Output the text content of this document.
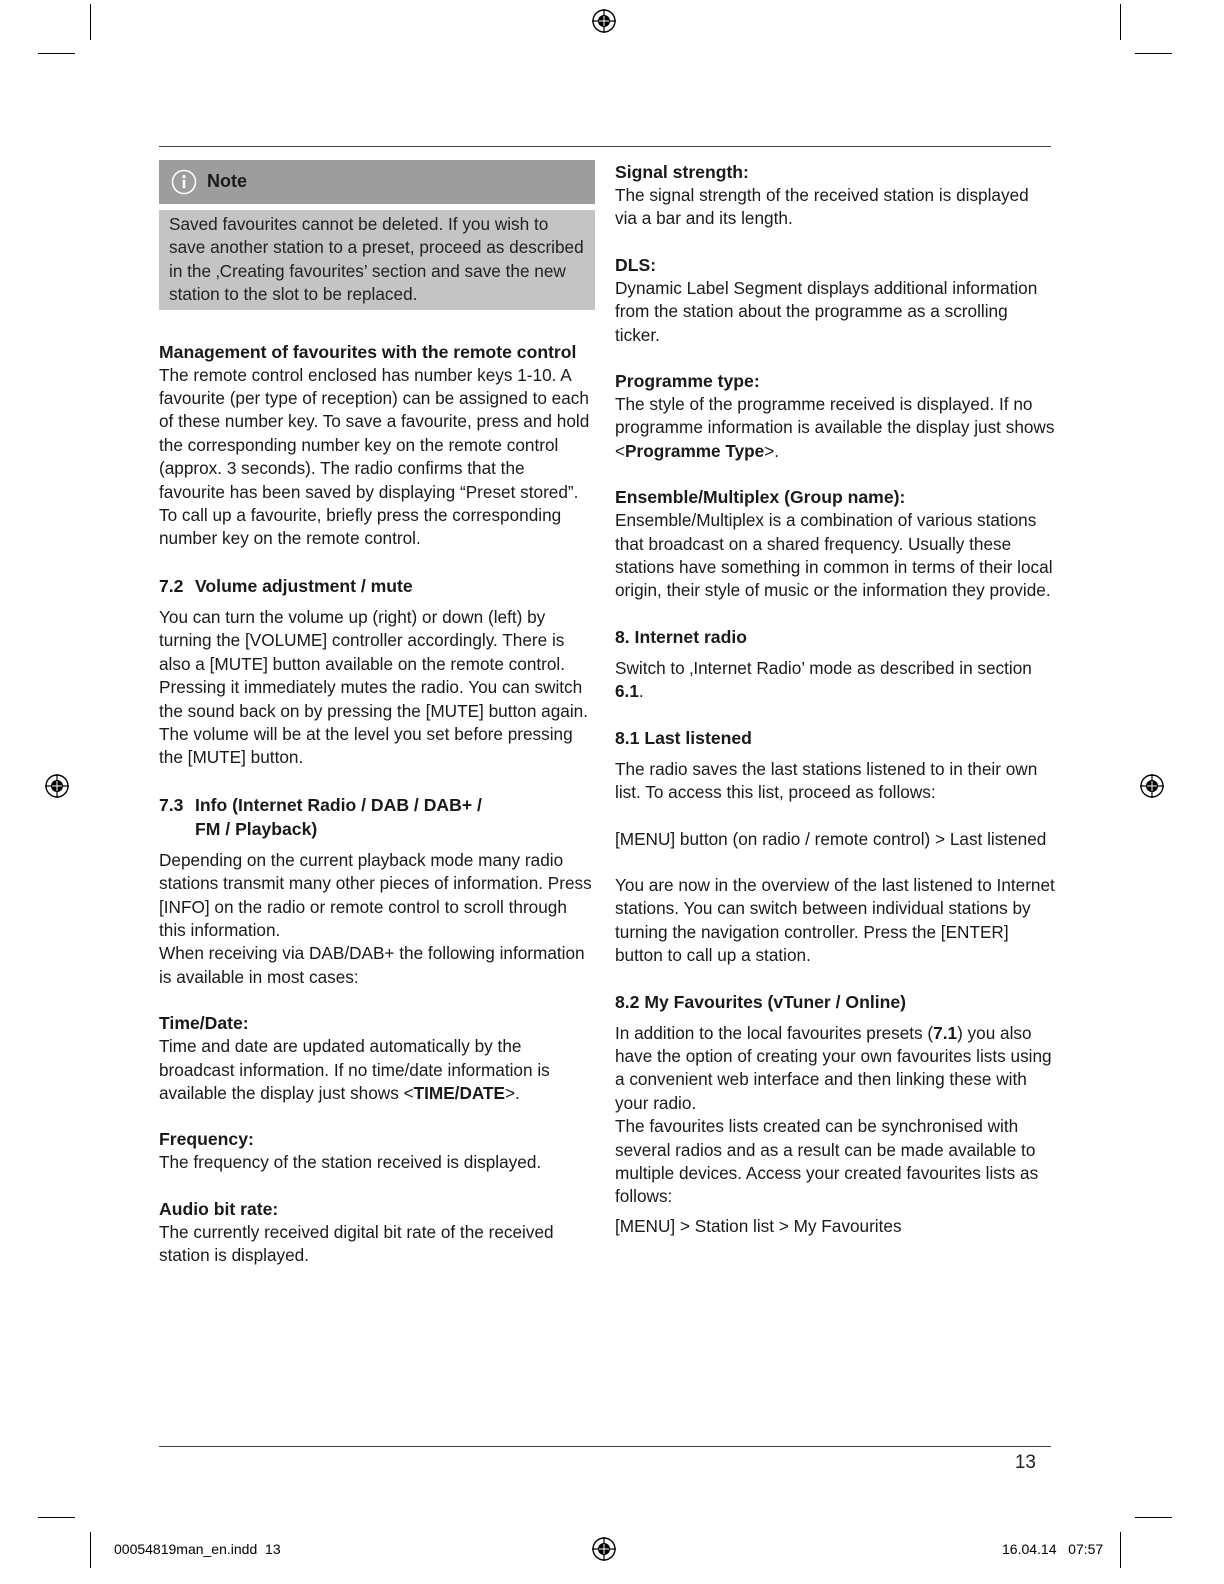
Note
Saved favourites cannot be deleted. If you wish to save another station to a preset, proceed as described in the ‚Creating favourites’ section and save the new station to the slot to be replaced.
Management of favourites with the remote control

The remote control enclosed has number keys 1-10. A favourite (per type of reception) can be assigned to each of these number key. To save a favourite, press and hold the corresponding number key on the remote control (approx. 3 seconds). The radio confirms that the favourite has been saved by displaying “Preset stored”. To call up a favourite, briefly press the corresponding number key on the remote control.

7.2 Volume adjustment / mute

You can turn the volume up (right) or down (left) by turning the [VOLUME] controller accordingly. There is also a [MUTE] button available on the remote control. Pressing it immediately mutes the radio. You can switch the sound back on by pressing the [MUTE] button again. The volume will be at the level you set before pressing the [MUTE] button.

7.3 Info (Internet Radio / DAB / DAB+ / FM / Playback)

Depending on the current playback mode many radio stations transmit many other pieces of information. Press [INFO] on the radio or remote control to scroll through this information.

When receiving via DAB/DAB+ the following information is available in most cases:

Time/Date:

Time and date are updated automatically by the broadcast information. If no time/date information is available the display just shows <TIME/DATE>.

Frequency:

The frequency of the station received is displayed.

Audio bit rate:

The currently received digital bit rate of the received station is displayed.

Signal strength:

The signal strength of the received station is displayed via a bar and its length.

DLS:

Dynamic Label Segment displays additional information from the station about the programme as a scrolling ticker.

Programme type:

The style of the programme received is displayed. If no programme information is available the display just shows <Programme Type>.

Ensemble/Multiplex (Group name):

Ensemble/Multiplex is a combination of various stations that broadcast on a shared frequency. Usually these stations have something in common in terms of their local origin, their style of music or the information they provide.

8. Internet radio

Switch to ‚Internet Radio’ mode as described in section 6.1.

8.1 Last listened

The radio saves the last stations listened to in their own list. To access this list, proceed as follows:

[MENU] button (on radio / remote control) > Last listened

You are now in the overview of the last listened to Internet stations. You can switch between individual stations by turning the navigation controller. Press the [ENTER] button to call up a station.

8.2 My Favourites (vTuner / Online)

In addition to the local favourites presets (7.1) you also have the option of creating your own favourites lists using a convenient web interface and then linking these with your radio.

The favourites lists created can be synchronised with several radios and as a result can be made available to multiple devices. Access your created favourites lists as follows:

[MENU] > Station list > My Favourites

13
00054819man_en.indd 13	16.04.14 07:57
